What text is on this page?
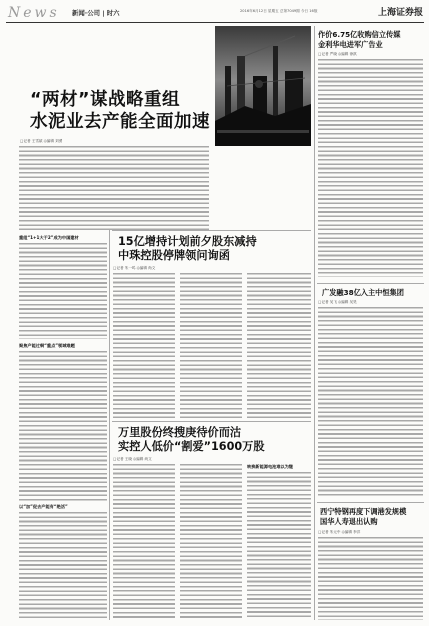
News 新闻·公司 | 时六	2016年6月12日 星期五 总第7049期 今日 16版	上海证券报
“两材”谋战略重组
水泥业去产能全面加速
□记者 王雪斌 ◎编辑 刘勇
重组“1+1大于2”成为中国建材
聚焦产能过剩“重点”领域难题
以“加”促去产能有“绝活”
15亿增持计划前夕股东减持
中珠控股停牌领问询函
□记者 朱一鸣 ◎编辑 尚文
万里股份终搜庚待价而沽
实控人低价“割爱”1600万股
□记者 王晓 ◎编辑 尚文
转换新能源电池难以为继
作价6.75亿收购信立传媒
金利华电进军广告业
□记者 严晓 ◎编辑 徐淇
广发融38亿入主中恒集团
□记者 吴飞 ◎编辑 吴昊
西宁特钢再度下调港发规模
国华人寿退出认购
□记者 朱元中 ◎编辑 李洋
